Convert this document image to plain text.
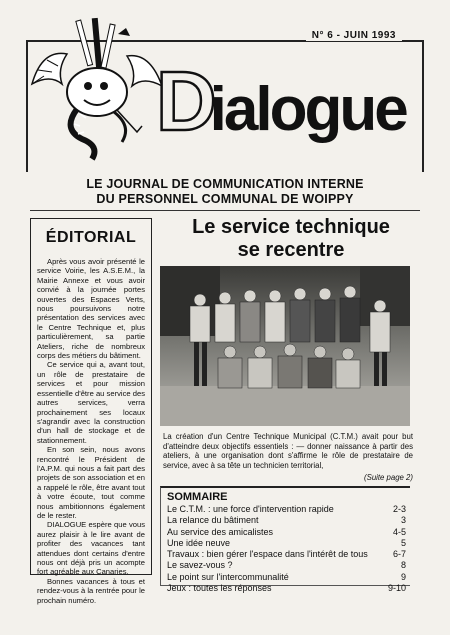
N° 6 - JUIN 1993
Dialogue
LE JOURNAL DE COMMUNICATION INTERNE
DU PERSONNEL COMMUNAL DE WOIPPY
ÉDITORIAL

Après vous avoir présenté le service Voirie, les A.S.E.M., la Mairie Annexe et vous avoir convié à la journée portes ouvertes des Espaces Verts, nous poursuivons notre présentation des services avec le Centre Technique et, plus particulièrement, sa partie Ateliers, riche de nombreux corps des métiers du bâtiment.

Ce service qui a, avant tout, un rôle de prestataire de services et pour mission essentielle d'être au service des autres services, verra prochainement ses locaux s'agrandir avec la construction d'un hall de stockage et de stationnement.

En son sein, nous avons rencontré le Président de l'A.P.M. qui nous a fait part des projets de son association et en a rappelé le rôle, être avant tout à votre écoute, tout comme nous ambitionnons également de le rester.

DIALOGUE espère que vous aurez plaisir à le lire avant de profiter des vacances tant attendues dont certains d'entre nous ont déjà pris un acompte fort agréable aux Canaries.

Bonnes vacances à tous et rendez-vous à la rentrée pour le prochain numéro.

Le service technique
se recentre
La création d'un Centre Technique Municipal (C.T.M.) avait pour but d'atteindre deux objectifs essentiels : — donner naissance à partir des ateliers, à une organisation dont s'affirme le rôle de prestataire de service, avec à sa tête un technicien territorial,
(Suite page 2)
SOMMAIRE
Le C.T.M. : une force d'intervention rapide	2-3
La relance du bâtiment	3
Au service des amicalistes	4-5
Une idée neuve	5
Travaux : bien gérer l'espace dans l'intérêt de tous	6-7
Le savez-vous ?	8
Le point sur l'intercommunalité	9
Jeux : toutes les réponses	9-10
